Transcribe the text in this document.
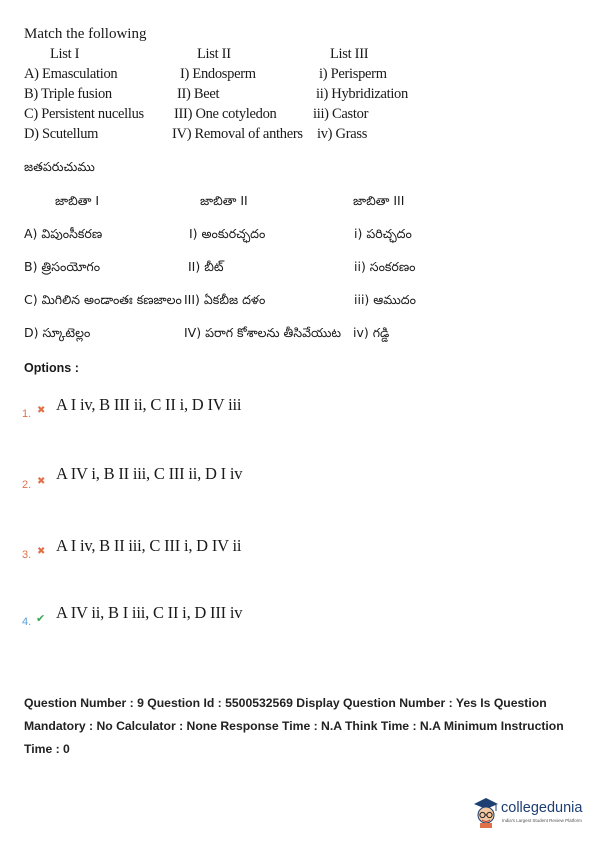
Match the following
List I	List II	List III
A) Emasculation	I) Endosperm	i) Perisperm
B) Triple fusion	II) Beet	ii) Hybridization
C) Persistent nucellus III) One cotyledon	iii) Castor
D) Scutellum	IV) Removal of anthers iv) Grass
జతపరుచుము
జాబితా I	జాబితా II	జాబితా III
A) విపుంసీకరణ	I) అంకురచ్ఛదం	i) పరిచ్ఛదం
B) త్రిసంయోగం	II) బీట్	ii) సంకరణం
C) మిగిలిన అండాంతః కణజాలం III) ఏకబీజ దళం	iii) ఆముదం
D) స్కూటెల్లం	IV) పరాగ కోశాలను తీసివేయుట iv) గడ్డి
Options :
1. ✖ A I iv, B III ii, C II i, D IV iii
2. ✖ A IV i, B II iii, C III ii, D I iv
3. ✖ A I iv, B II iii, C III i, D IV ii
4. ✔ A IV ii, B I iii, C II i, D III iv
Question Number : 9 Question Id : 5500532569 Display Question Number : Yes Is Question
Mandatory : No Calculator : None Response Time : N.A Think Time : N.A Minimum Instruction
Time : 0
collegedunia
India's Largest Student Review Platform
